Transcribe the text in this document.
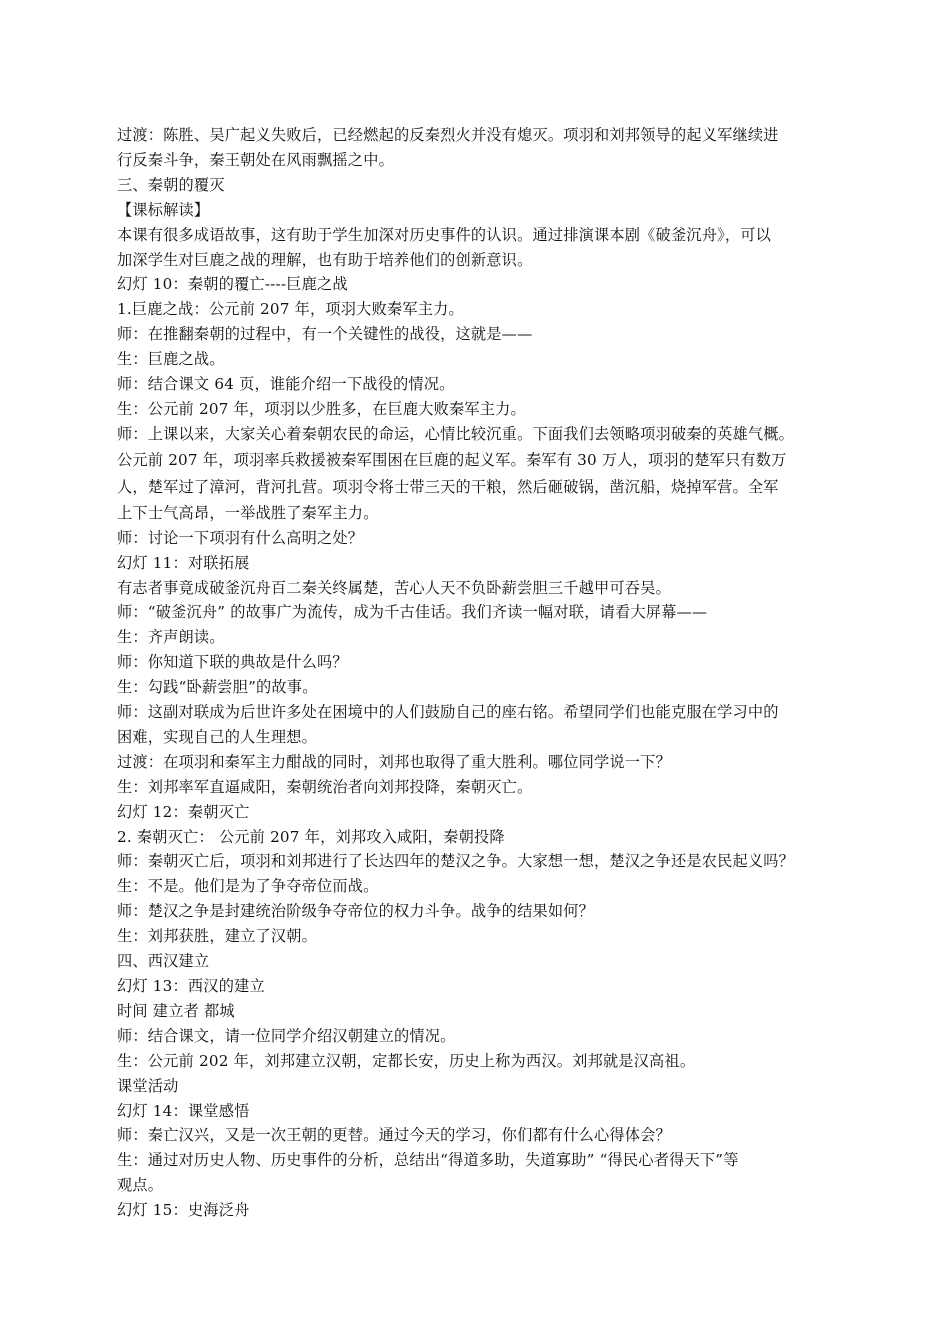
过渡：陈胜、吴广起义失败后，已经燃起的反秦烈火并没有熄灭。项羽和刘邦领导的起义军继续进
行反秦斗争，秦王朝处在风雨飘摇之中。
三、秦朝的覆灭
【课标解读】
本课有很多成语故事，这有助于学生加深对历史事件的认识。通过排演课本剧《破釜沉舟》，可以
加深学生对巨鹿之战的理解，也有助于培养他们的创新意识。
幻灯 10：秦朝的覆亡----巨鹿之战
1.巨鹿之战：公元前 207 年，项羽大败秦军主力。
师：在推翻秦朝的过程中，有一个关键性的战役，这就是——
生：巨鹿之战。
师：结合课文 64 页，谁能介绍一下战役的情况。
生：公元前 207 年，项羽以少胜多，在巨鹿大败秦军主力。
师：上课以来，大家关心着秦朝农民的命运，心情比较沉重。下面我们去领略项羽破秦的英雄气概。
公元前 207 年，项羽率兵救援被秦军围困在巨鹿的起义军。秦军有 30 万人，项羽的楚军只有数万
人，楚军过了漳河，背河扎营。项羽令将士带三天的干粮，然后砸破锅，凿沉船，烧掉军营。全军
上下士气高昂，一举战胜了秦军主力。
师：讨论一下项羽有什么高明之处？
幻灯 11：对联拓展
有志者事竟成破釜沉舟百二秦关终属楚，苦心人天不负卧薪尝胆三千越甲可吞吴。
师：“破釜沉舟” 的故事广为流传，成为千古佳话。我们齐读一幅对联，请看大屏幕——
生：齐声朗读。
师：你知道下联的典故是什么吗？
生：勾践“卧薪尝胆”的故事。
师：这副对联成为后世许多处在困境中的人们鼓励自己的座右铭。希望同学们也能克服在学习中的
困难，实现自己的人生理想。
过渡：在项羽和秦军主力酣战的同时，刘邦也取得了重大胜利。哪位同学说一下？
生：刘邦率军直逼咸阳，秦朝统治者向刘邦投降，秦朝灭亡。
幻灯 12：秦朝灭亡
2. 秦朝灭亡： 公元前 207 年，刘邦攻入咸阳，秦朝投降
师：秦朝灭亡后，项羽和刘邦进行了长达四年的楚汉之争。大家想一想，楚汉之争还是农民起义吗？
生：不是。他们是为了争夺帝位而战。
师：楚汉之争是封建统治阶级争夺帝位的权力斗争。战争的结果如何？
生：刘邦获胜，建立了汉朝。
四、西汉建立
幻灯 13：西汉的建立
时间 建立者 都城
师：结合课文，请一位同学介绍汉朝建立的情况。
生：公元前 202 年，刘邦建立汉朝，定都长安，历史上称为西汉。刘邦就是汉高祖。
课堂活动
幻灯 14：课堂感悟
师：秦亡汉兴，又是一次王朝的更替。通过今天的学习，你们都有什么心得体会？
生：通过对历史人物、历史事件的分析，总结出“得道多助，失道寡助” “得民心者得天下”等
观点。
幻灯 15：史海泛舟
